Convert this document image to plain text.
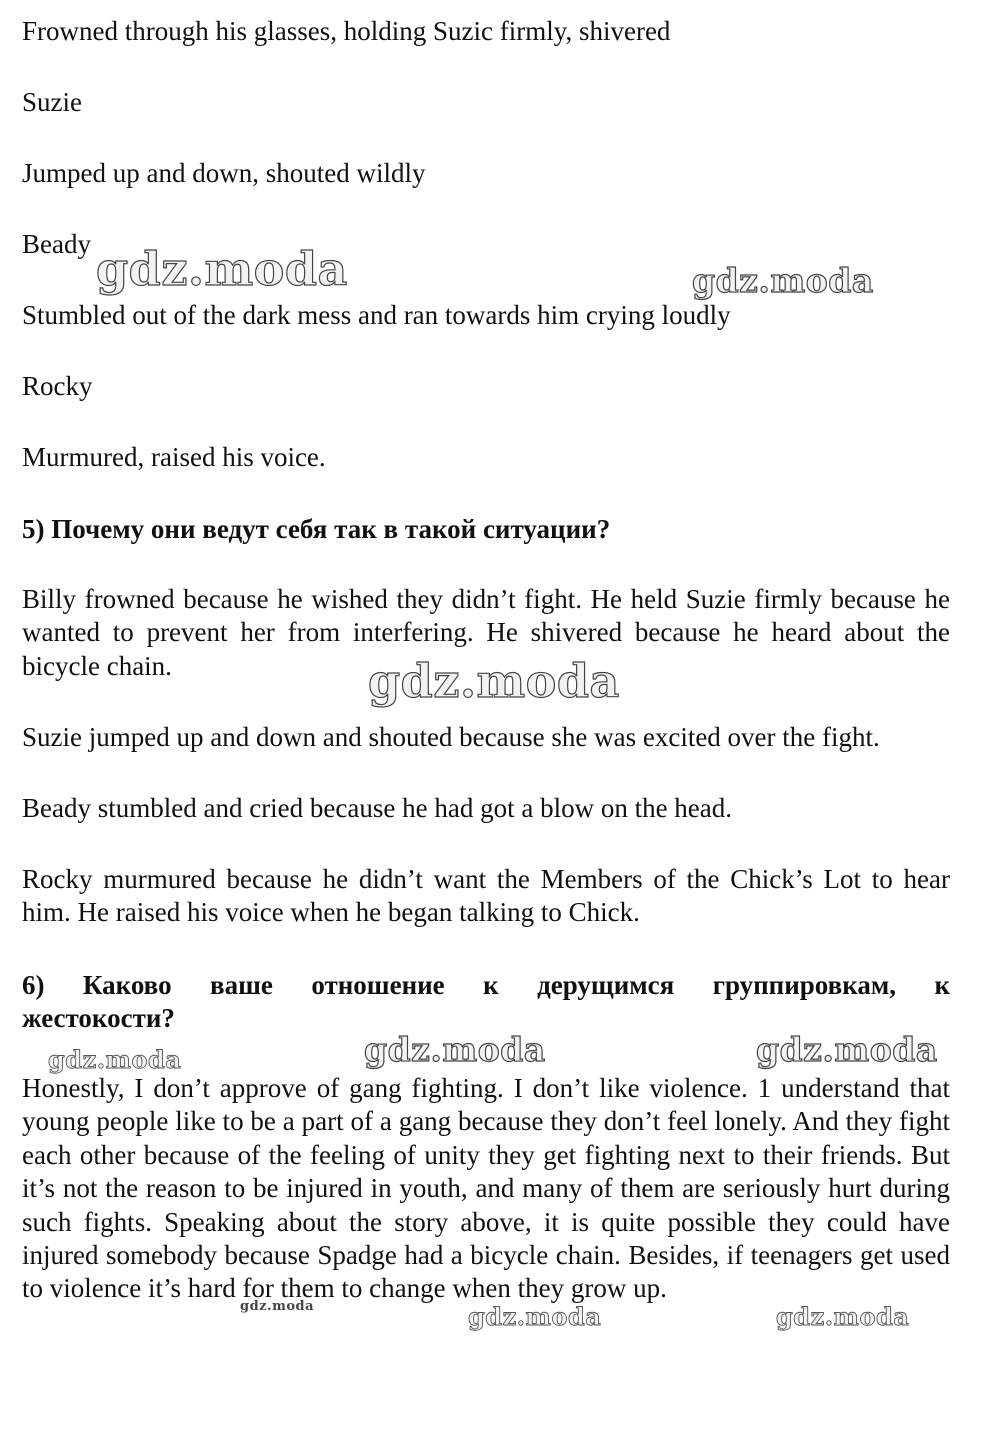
Frowned through his glasses, holding Suzic firmly, shivered
Suzie
Jumped up and down, shouted wildly
Beady
Stumbled out of the dark mess and ran towards him crying loudly
Rocky
Murmured, raised his voice.
5) Почему они ведут себя так в такой ситуации?
Billy frowned because he wished they didn’t fight. He held Suzie firmly because he wanted to prevent her from interfering. He shivered because he heard about the bicycle chain.
Suzie jumped up and down and shouted because she was excited over the fight.
Beady stumbled and cried because he had got a blow on the head.
Rocky murmured because he didn’t want the Members of the Chick’s Lot to hear him. He raised his voice when he began talking to Chick.
6) Каково ваше отношение к дерущимся группировкам, к
жестокости?
Honestly, I don’t approve of gang fighting. I don’t like violence. 1 understand that young people like to be a part of a gang because they don’t feel lonely. And they fight each other because of the feeling of unity they get fighting next to their friends. But it’s not the reason to be injured in youth, and many of them are seriously hurt during such fights. Speaking about the story above, it is quite possible they could have injured somebody because Spadge had a bicycle chain. Besides, if teenagers get used to violence it’s hard for them to change when they grow up.
gdz.moda	gdz.moda
gdz.moda
gdz.moda	gdz.moda	gdz.moda
gdz.moda	gdz.moda	gdz.moda
